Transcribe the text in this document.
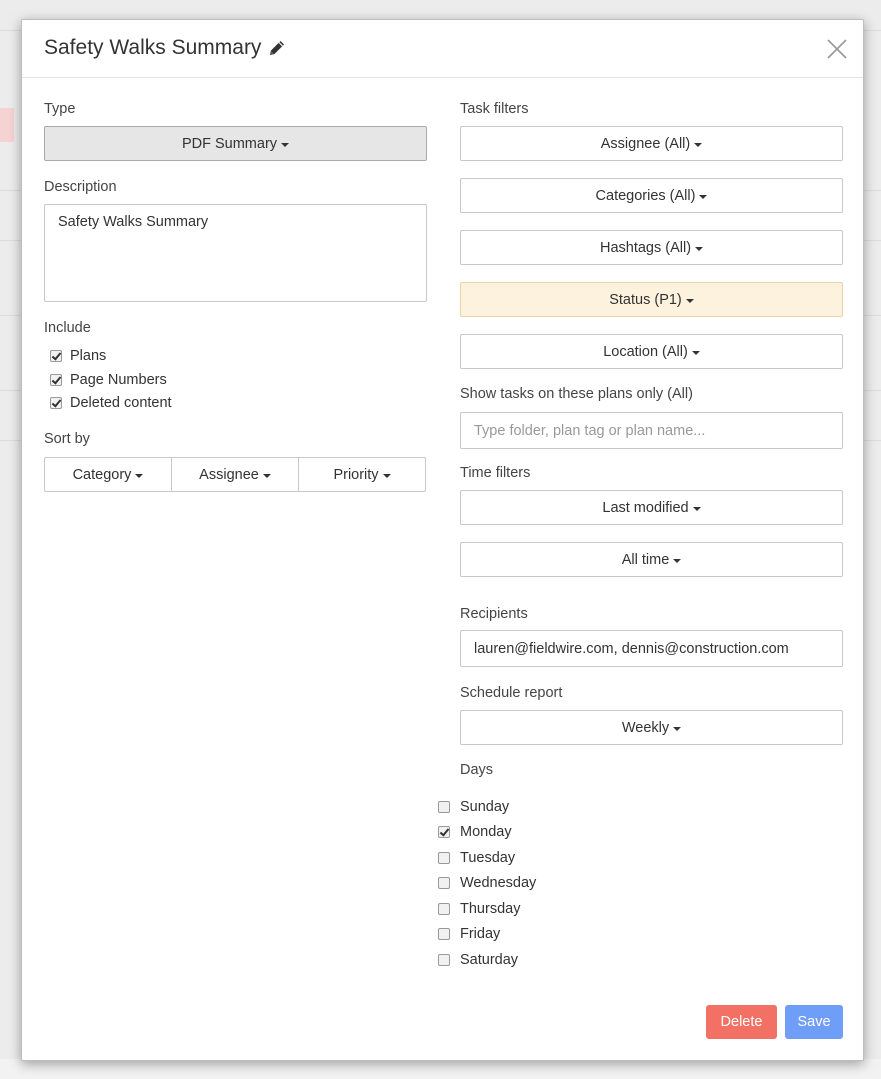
Safety Walks Summary
Type
PDF Summary
Description
Safety Walks Summary
Include
Plans
Page Numbers
Deleted content
Sort by
Category	Assignee	Priority
Task filters
Assignee (All)
Categories (All)
Hashtags (All)
Status (P1)
Location (All)
Show tasks on these plans only (All)
Type folder, plan tag or plan name...
Time filters
Last modified
All time
Recipients
lauren@fieldwire.com, dennis@construction.com
Schedule report
Weekly
Days
Sunday
Monday
Tuesday
Wednesday
Thursday
Friday
Saturday
Delete	Save
